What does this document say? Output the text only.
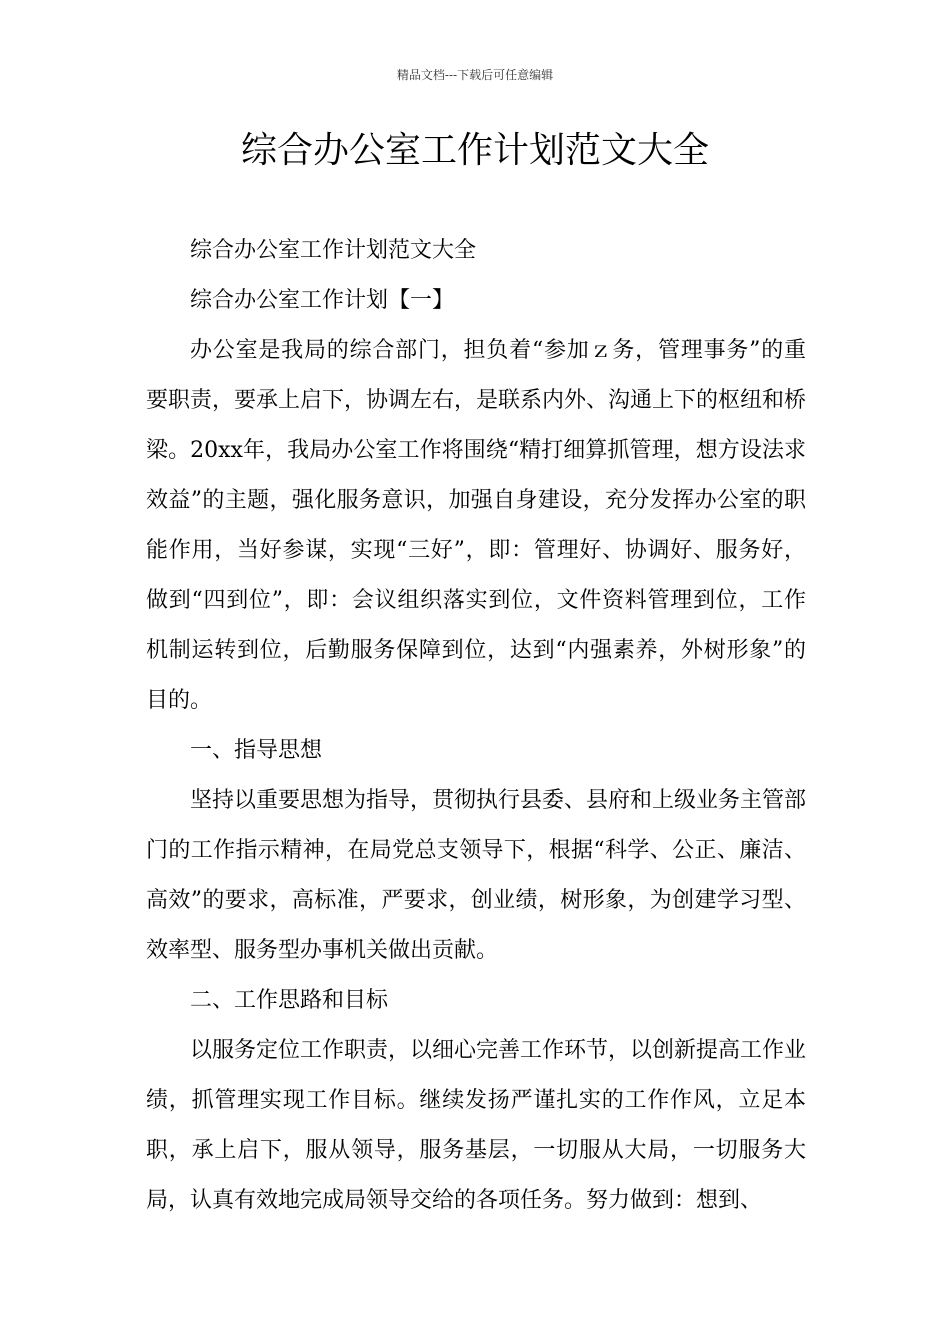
精品文档---下载后可任意编辑
综合办公室工作计划范文大全

综合办公室工作计划范文大全

综合办公室工作计划【一】

办公室是我局的综合部门，担负着“参加ｚ务，管理事务”的重要职责，要承上启下，协调左右，是联系内外、沟通上下的枢纽和桥梁。20xx年，我局办公室工作将围绕“精打细算抓管理，想方设法求效益”的主题，强化服务意识，加强自身建设，充分发挥办公室的职能作用，当好参谋，实现“三好”，即：管理好、协调好、服务好，做到“四到位”，即：会议组织落实到位，文件资料管理到位，工作机制运转到位，后勤服务保障到位，达到“内强素养，外树形象”的目的。

一、指导思想

坚持以重要思想为指导，贯彻执行县委、县府和上级业务主管部门的工作指示精神，在局党总支领导下，根据“科学、公正、廉洁、高效”的要求，高标准，严要求，创业绩，树形象，为创建学习型、效率型、服务型办事机关做出贡献。

二、工作思路和目标

以服务定位工作职责，以细心完善工作环节，以创新提高工作业绩，抓管理实现工作目标。继续发扬严谨扎实的工作作风，立足本职，承上启下，服从领导，服务基层，一切服从大局，一切服务大局，认真有效地完成局领导交给的各项任务。努力做到：想到、
